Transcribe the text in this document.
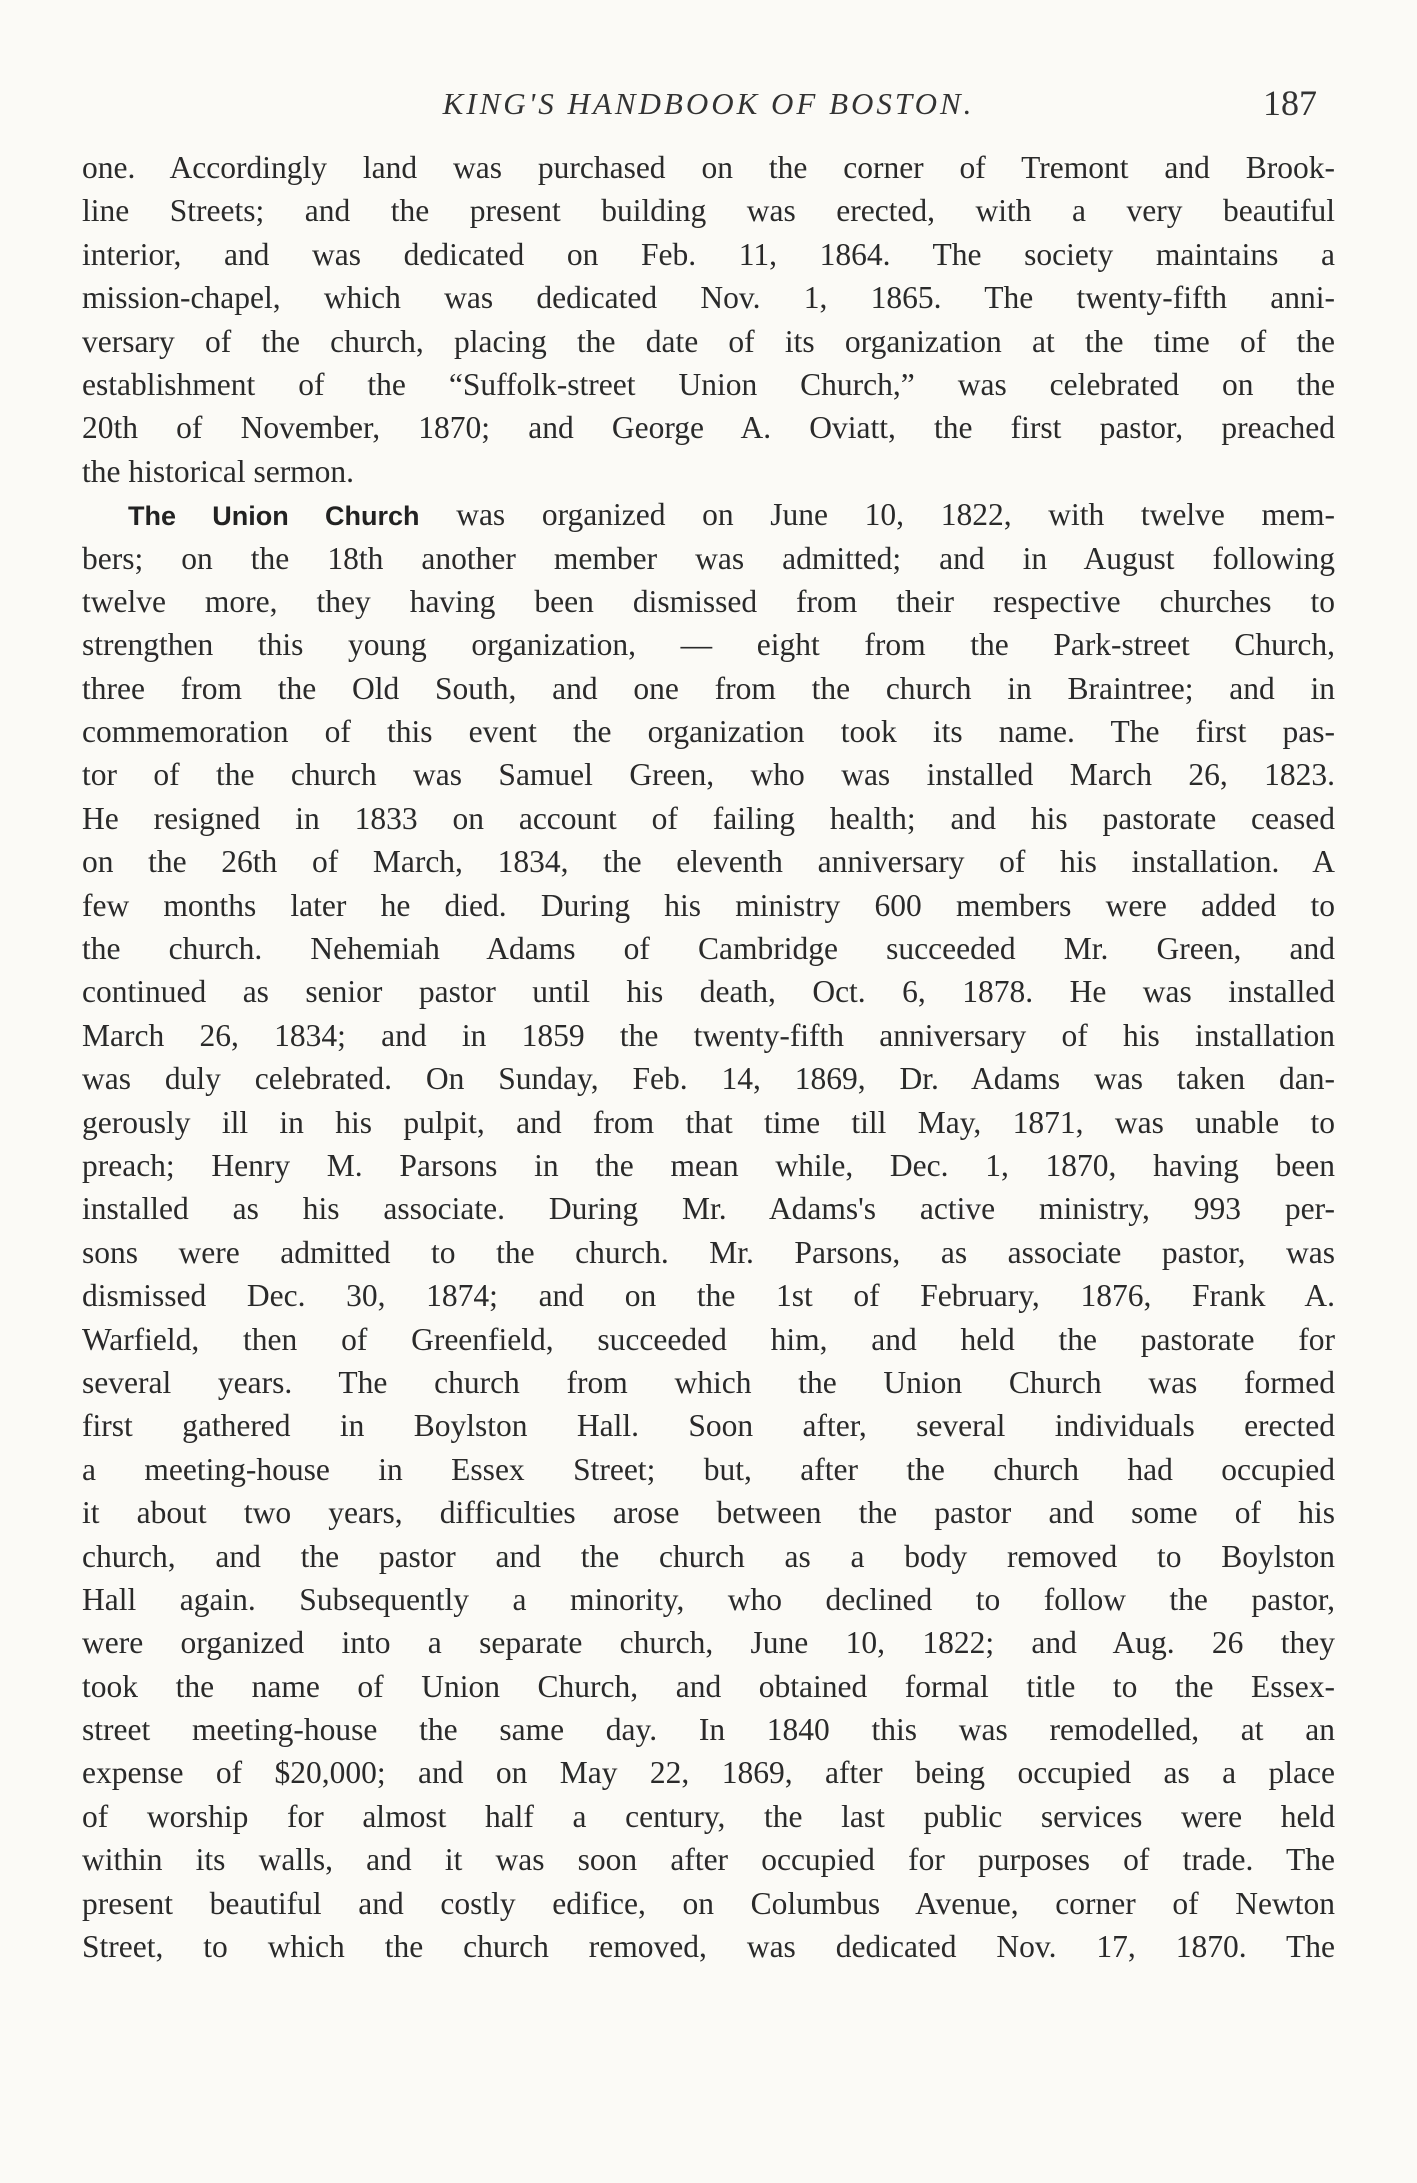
KING'S HANDBOOK OF BOSTON.	187
one. Accordingly land was purchased on the corner of Tremont and Brook-
line Streets; and the present building was erected, with a very beautiful
interior, and was dedicated on Feb. 11, 1864. The society maintains a
mission-chapel, which was dedicated Nov. 1, 1865. The twenty-fifth anni-
versary of the church, placing the date of its organization at the time of the
establishment of the “Suffolk-street Union Church,” was celebrated on the
20th of November, 1870; and George A. Oviatt, the first pastor, preached
the historical sermon.
The Union Church was organized on June 10, 1822, with twelve mem-
bers; on the 18th another member was admitted; and in August following
twelve more, they having been dismissed from their respective churches to
strengthen this young organization, — eight from the Park-street Church,
three from the Old South, and one from the church in Braintree; and in
commemoration of this event the organization took its name. The first pas-
tor of the church was Samuel Green, who was installed March 26, 1823.
He resigned in 1833 on account of failing health; and his pastorate ceased
on the 26th of March, 1834, the eleventh anniversary of his installation. A
few months later he died. During his ministry 600 members were added to
the church. Nehemiah Adams of Cambridge succeeded Mr. Green, and
continued as senior pastor until his death, Oct. 6, 1878. He was installed
March 26, 1834; and in 1859 the twenty-fifth anniversary of his installation
was duly celebrated. On Sunday, Feb. 14, 1869, Dr. Adams was taken dan-
gerously ill in his pulpit, and from that time till May, 1871, was unable to
preach; Henry M. Parsons in the mean while, Dec. 1, 1870, having been
installed as his associate. During Mr. Adams's active ministry, 993 per-
sons were admitted to the church. Mr. Parsons, as associate pastor, was
dismissed Dec. 30, 1874; and on the 1st of February, 1876, Frank A.
Warfield, then of Greenfield, succeeded him, and held the pastorate for
several years. The church from which the Union Church was formed
first gathered in Boylston Hall. Soon after, several individuals erected
a meeting-house in Essex Street; but, after the church had occupied
it about two years, difficulties arose between the pastor and some of his
church, and the pastor and the church as a body removed to Boylston
Hall again. Subsequently a minority, who declined to follow the pastor,
were organized into a separate church, June 10, 1822; and Aug. 26 they
took the name of Union Church, and obtained formal title to the Essex-
street meeting-house the same day. In 1840 this was remodelled, at an
expense of $20,000; and on May 22, 1869, after being occupied as a place
of worship for almost half a century, the last public services were held
within its walls, and it was soon after occupied for purposes of trade. The
present beautiful and costly edifice, on Columbus Avenue, corner of Newton
Street, to which the church removed, was dedicated Nov. 17, 1870. The
